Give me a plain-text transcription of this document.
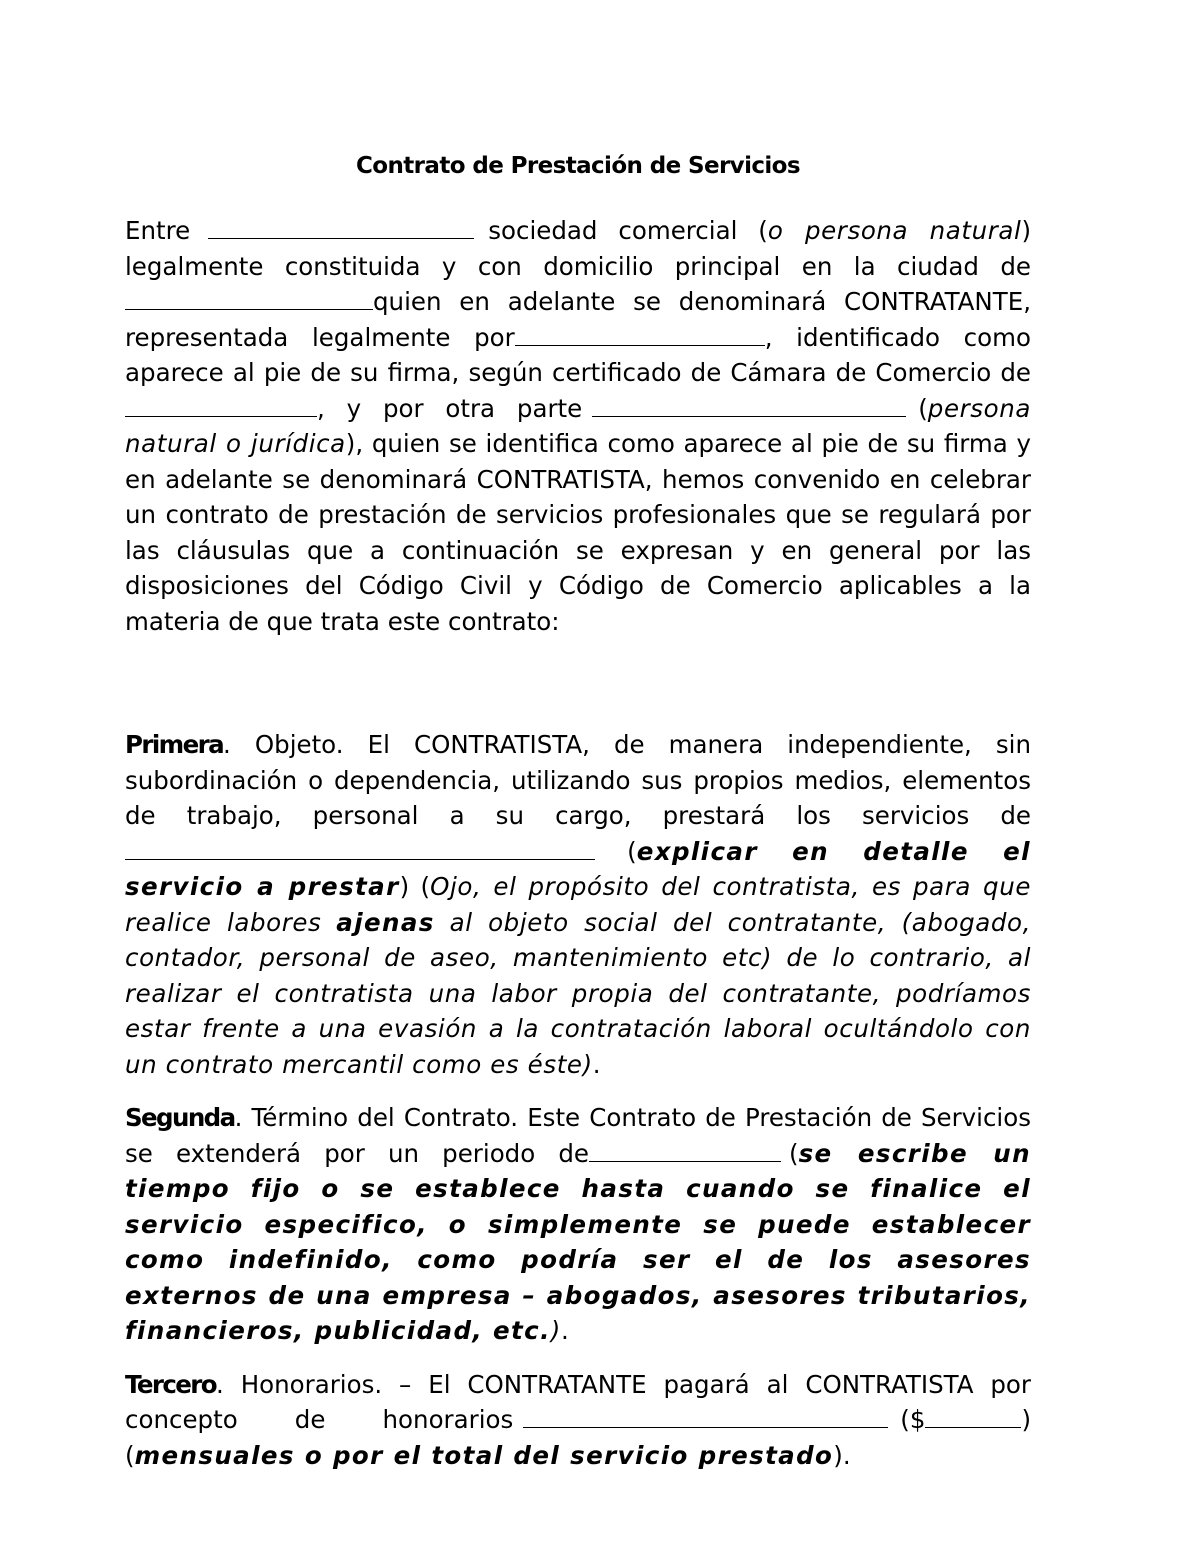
Contrato de Prestación de Servicios

Entre	sociedad comercial (o persona natural) legalmente constituida y con domicilio principal en la ciudad de quien en adelante se denominará CONTRATANTE, representada legalmente por	, identificado como aparece al pie de su firma, según certificado de Cámara de Comercio de , y por otra parte	(persona natural o jurídica), quien se identifica como aparece al pie de su firma y en adelante se denominará CONTRATISTA, hemos convenido en celebrar un contrato de prestación de servicios profesionales que se regulará por las cláusulas que a continuación se expresan y en general por las disposiciones del Código Civil y Código de Comercio aplicables a la materia de que trata este contrato:

Primera. Objeto. El CONTRATISTA, de manera independiente, sin subordinación o dependencia, utilizando sus propios medios, elementos de trabajo, personal a su cargo, prestará los servicios de (explicar en detalle el servicio a prestar) (Ojo, el propósito del contratista, es para que realice labores ajenas al objeto social del contratante, (abogado, contador, personal de aseo, mantenimiento etc) de lo contrario, al realizar el contratista una labor propia del contratante, podríamos estar frente a una evasión a la contratación laboral ocultándolo con un contrato mercantil como es éste).

Segunda. Término del Contrato. Este Contrato de Prestación de Servicios se extenderá por un periodo de	(se escribe un tiempo fijo o se establece hasta cuando se finalice el servicio especifico, o simplemente se puede establecer como indefinido, como podría ser el de los asesores externos de una empresa – abogados, asesores tributarios, financieros, publicidad, etc.).

Tercero. Honorarios. – El CONTRATANTE pagará al CONTRATISTA por concepto de honorarios	($	) (mensuales o por el total del servicio prestado).
